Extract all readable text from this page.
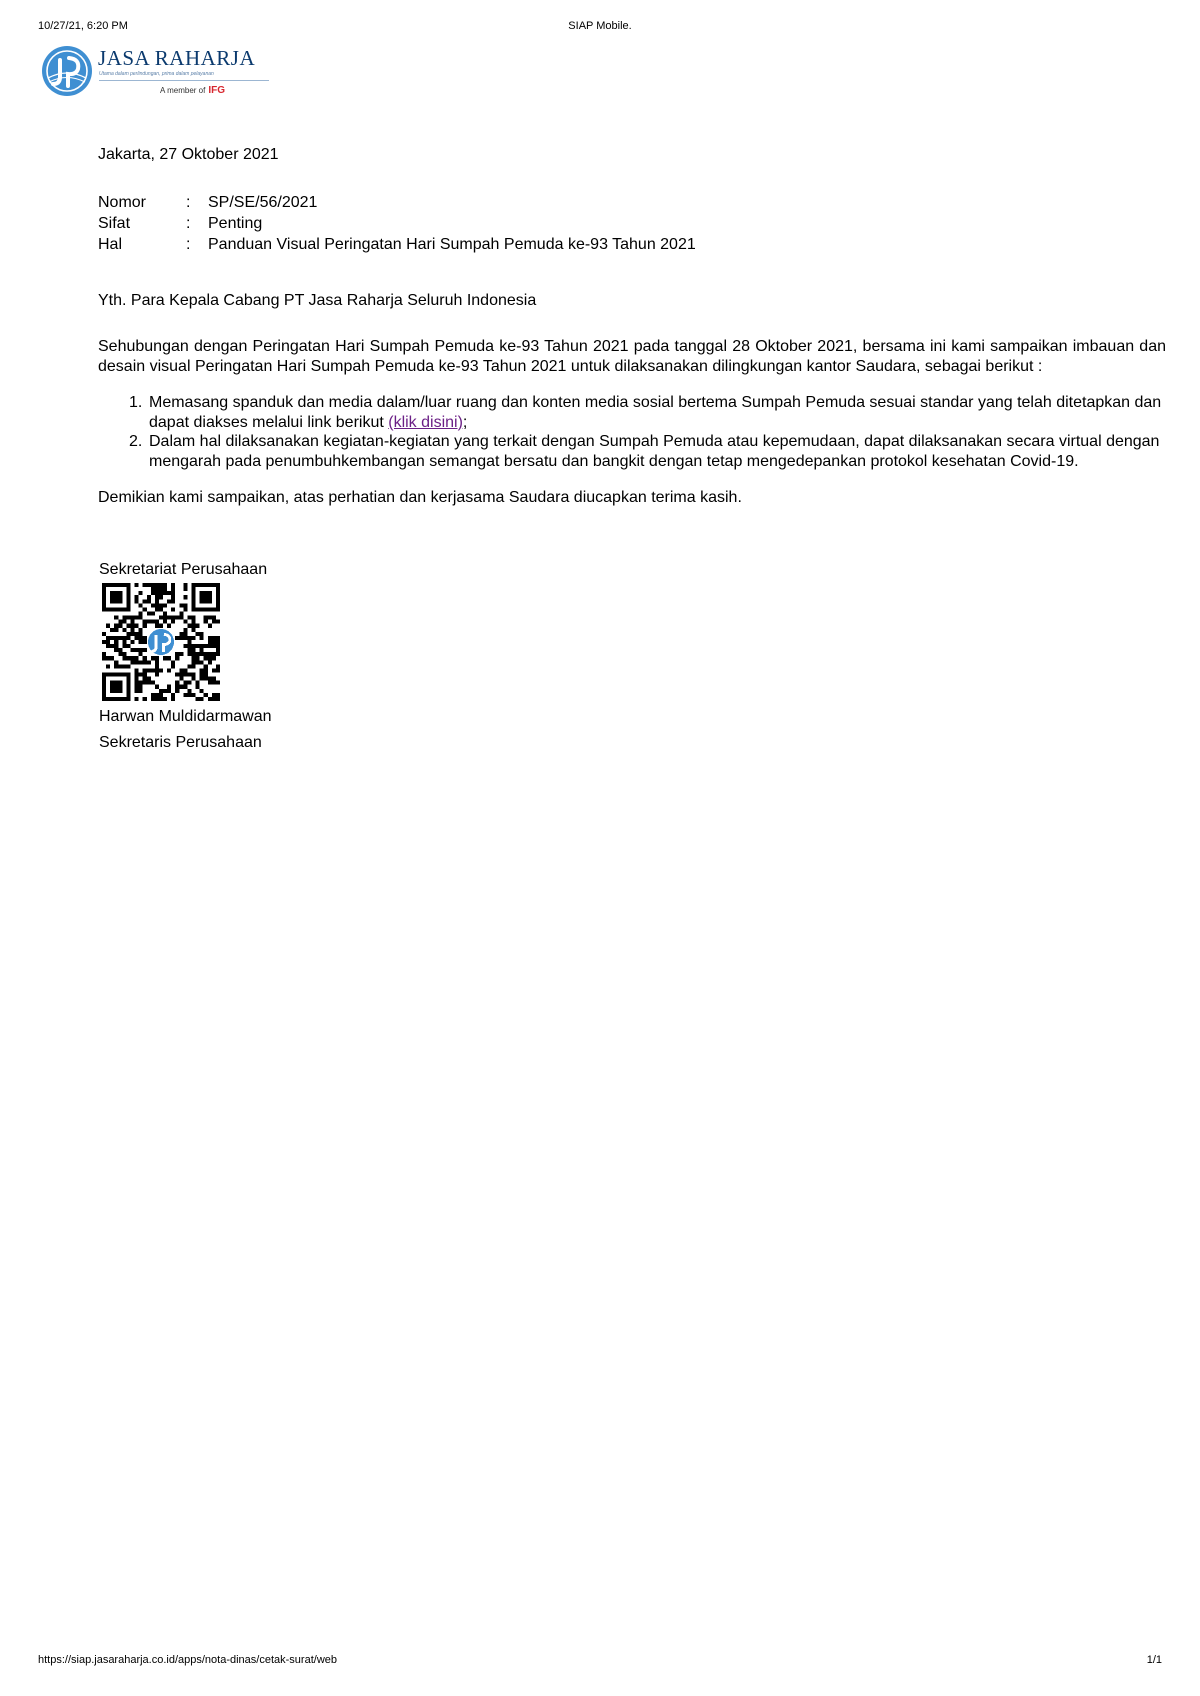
10/27/21, 6:20 PM	SIAP Mobile.
JASA RAHARJA
Utama dalam perlindungan, prima dalam pelayanan
A member of IFG
Jakarta, 27 Oktober 2021
Nomor	:	SP/SE/56/2021
Sifat	:	Penting
Hal	:	Panduan Visual Peringatan Hari Sumpah Pemuda ke-93 Tahun 2021

Yth. Para Kepala Cabang PT Jasa Raharja Seluruh Indonesia

Sehubungan dengan Peringatan Hari Sumpah Pemuda ke-93 Tahun 2021 pada tanggal 28 Oktober 2021, bersama ini kami sampaikan imbauan dan desain visual Peringatan Hari Sumpah Pemuda ke-93 Tahun 2021 untuk dilaksanakan dilingkungan kantor Saudara, sebagai berikut :

1. Memasang spanduk dan media dalam/luar ruang dan konten media sosial bertema Sumpah Pemuda sesuai standar yang telah ditetapkan dan dapat diakses melalui link berikut (klik disini);
2. Dalam hal dilaksanakan kegiatan-kegiatan yang terkait dengan Sumpah Pemuda atau kepemudaan, dapat dilaksanakan secara virtual dengan mengarah pada penumbuhkembangan semangat bersatu dan bangkit dengan tetap mengedepankan protokol kesehatan Covid-19.

Demikian kami sampaikan, atas perhatian dan kerjasama Saudara diucapkan terima kasih.

Sekretariat Perusahaan
Harwan Muldidarmawan
Sekretaris Perusahaan
https://siap.jasaraharja.co.id/apps/nota-dinas/cetak-surat/web	1/1
